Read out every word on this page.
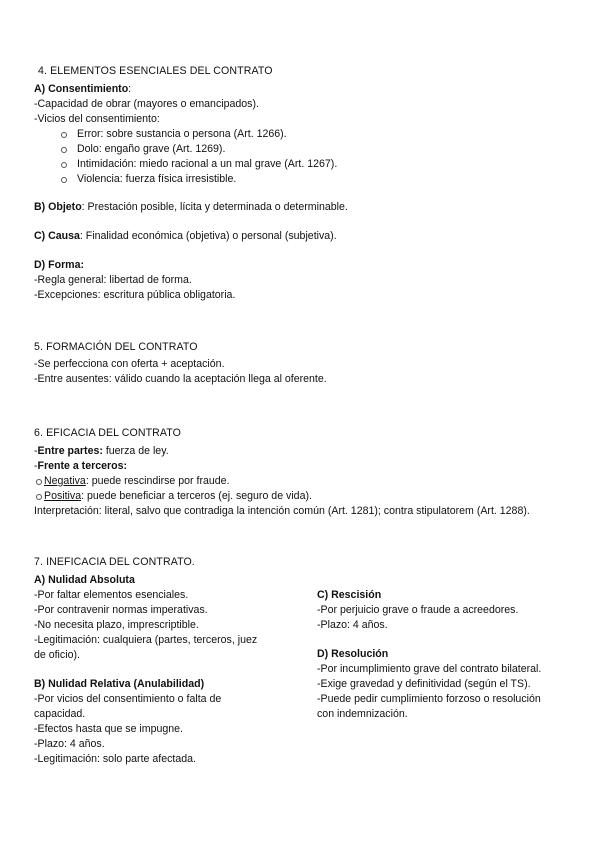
4. ELEMENTOS ESENCIALES DEL CONTRATO
A) Consentimiento:
-Capacidad de obrar (mayores o emancipados).
-Vicios del consentimiento:
Error: sobre sustancia o persona (Art. 1266).
Dolo: engaño grave (Art. 1269).
Intimidación: miedo racional a un mal grave (Art. 1267).
Violencia: fuerza física irresistible.
B) Objeto: Prestación posible, lícita y determinada o determinable.
C) Causa: Finalidad económica (objetiva) o personal (subjetiva).
D) Forma:
-Regla general: libertad de forma.
-Excepciones: escritura pública obligatoria.
5. FORMACIÓN DEL CONTRATO
-Se perfecciona con oferta + aceptación.
-Entre ausentes: válido cuando la aceptación llega al oferente.
6. EFICACIA DEL CONTRATO
-Entre partes: fuerza de ley.
-Frente a terceros:
Negativa: puede rescindirse por fraude.
Positiva: puede beneficiar a terceros (ej. seguro de vida).
Interpretación: literal, salvo que contradiga la intención común (Art. 1281); contra stipulatorem (Art. 1288).
7. INEFICACIA DEL CONTRATO.
A) Nulidad Absoluta
-Por faltar elementos esenciales.
-Por contravenir normas imperativas.
-No necesita plazo, imprescriptible.
-Legitimación: cualquiera (partes, terceros, juez
de oficio).
B) Nulidad Relativa (Anulabilidad)
-Por vicios del consentimiento o falta de
capacidad.
-Efectos hasta que se impugne.
-Plazo: 4 años.
-Legitimación: solo parte afectada.
C) Rescisión
-Por perjuicio grave o fraude a acreedores.
-Plazo: 4 años.
D) Resolución
-Por incumplimiento grave del contrato bilateral.
-Exige gravedad y definitividad (según el TS).
-Puede pedir cumplimiento forzoso o resolución
con indemnización.
